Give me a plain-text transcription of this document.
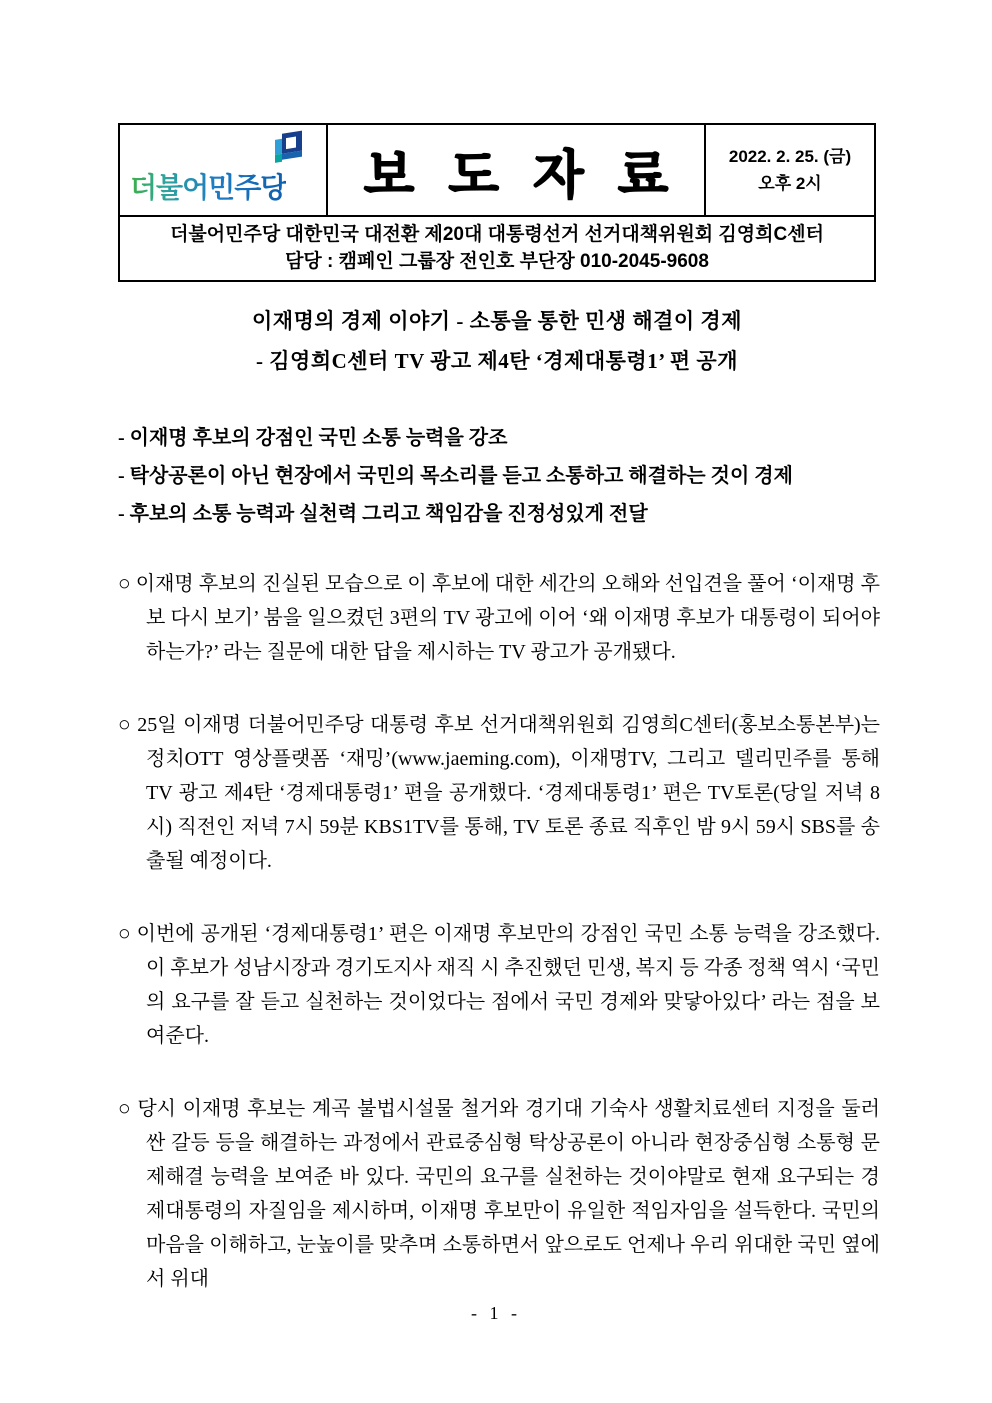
더불어민주당	보 도 자 료	2022. 2. 25. (금)
오후 2시
더불어민주당 대한민국 대전환 제20대 대통령선거 선거대책위원회 김영희C센터
담당 : 캠페인 그룹장 전인호 부단장 010-2045-9608
이재명의 경제 이야기 - 소통을 통한 민생 해결이 경제
- 김영희C센터 TV 광고 제4탄 ‘경제대통령1’ 편 공개
- 이재명 후보의 강점인 국민 소통 능력을 강조
- 탁상공론이 아닌 현장에서 국민의 목소리를 듣고 소통하고 해결하는 것이 경제
- 후보의 소통 능력과 실천력 그리고 책임감을 진정성있게 전달
○ 이재명 후보의 진실된 모습으로 이 후보에 대한 세간의 오해와 선입견을 풀어 ‘이재명 후보 다시 보기’ 붐을 일으켰던 3편의 TV 광고에 이어 ‘왜 이재명 후보가 대통령이 되어야 하는가?’ 라는 질문에 대한 답을 제시하는 TV 광고가 공개됐다.
○ 25일 이재명 더불어민주당 대통령 후보 선거대책위원회 김영희C센터(홍보소통본부)는 정치OTT 영상플랫폼 ‘재밍’(www.jaeming.com), 이재명TV, 그리고 델리민주를 통해 TV 광고 제4탄 ‘경제대통령1’ 편을 공개했다. ‘경제대통령1’ 편은 TV토론(당일 저녁 8시) 직전인 저녁 7시 59분 KBS1TV를 통해, TV 토론 종료 직후인 밤 9시 59시 SBS를 송출될 예정이다.
○ 이번에 공개된 ‘경제대통령1’ 편은 이재명 후보만의 강점인 국민 소통 능력을 강조했다. 이 후보가 성남시장과 경기도지사 재직 시 추진했던 민생, 복지 등 각종 정책 역시 ‘국민의 요구를 잘 듣고 실천하는 것이었다는 점에서 국민 경제와 맞닿아있다’ 라는 점을 보여준다.
○ 당시 이재명 후보는 계곡 불법시설물 철거와 경기대 기숙사 생활치료센터 지정을 둘러싼 갈등 등을 해결하는 과정에서 관료중심형 탁상공론이 아니라 현장중심형 소통형 문제해결 능력을 보여준 바 있다. 국민의 요구를 실천하는 것이야말로 현재 요구되는 경제대통령의 자질임을 제시하며, 이재명 후보만이 유일한 적임자임을 설득한다. 국민의 마음을 이해하고, 눈높이를 맞추며 소통하면서 앞으로도 언제나 우리 위대한 국민 옆에서 위대
- 1 -
